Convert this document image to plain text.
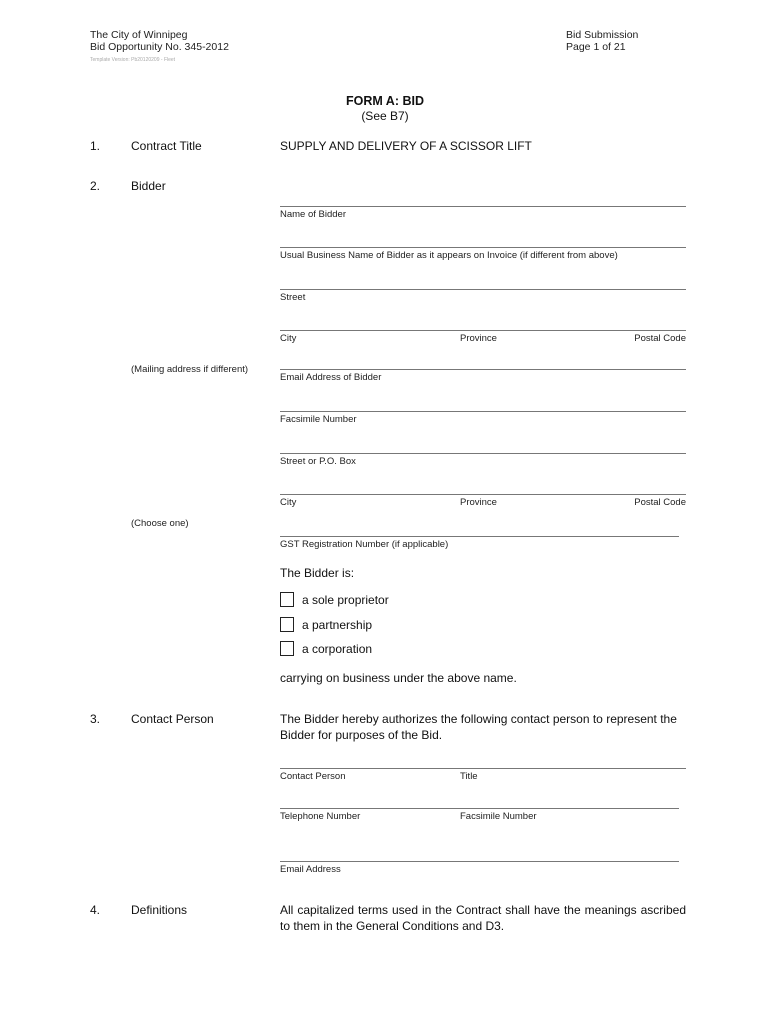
The City of Winnipeg
Bid Opportunity No. 345-2012
Template Version: Pb20120209 - Fleet
Bid Submission
Page 1 of 21
FORM A: BID
(See B7)
1.	Contract Title	SUPPLY AND DELIVERY OF A SCISSOR LIFT
2.	Bidder
Name of Bidder
Usual Business Name of Bidder as it appears on Invoice (if different from above)
Street
City	Province	Postal Code
(Mailing address if different)
Email Address of Bidder
Facsimile Number
Street or P.O. Box
City	Province	Postal Code
(Choose one)
GST Registration Number (if applicable)
The Bidder is:
a sole proprietor
a partnership
a corporation
carrying on business under the above name.
3.	Contact Person	The Bidder hereby authorizes the following contact person to represent the Bidder for purposes of the Bid.
Contact Person	Title
Telephone Number	Facsimile Number
Email Address
4.	Definitions	All capitalized terms used in the Contract shall have the meanings ascribed to them in the General Conditions and D3.
